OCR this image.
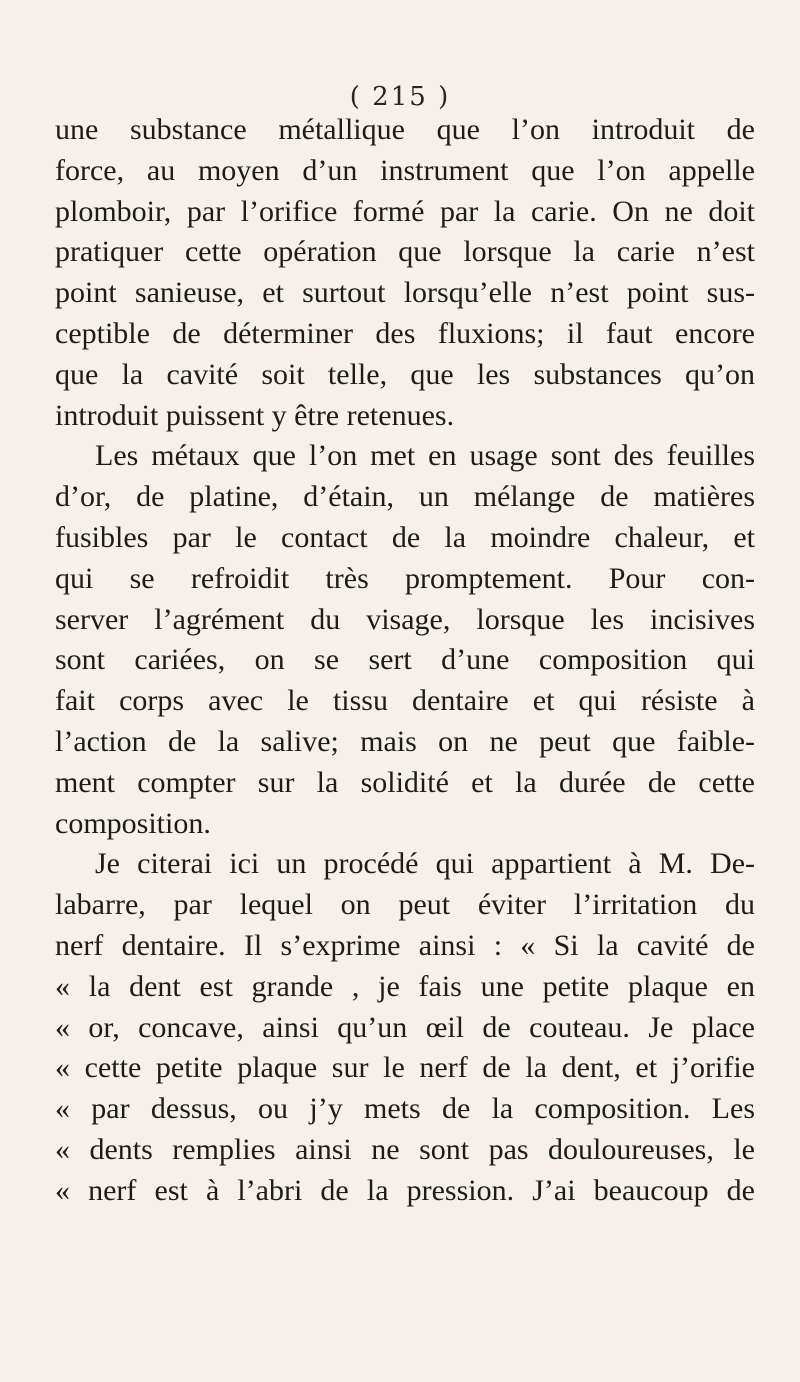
( 215 )
une substance métallique que l’on introduit de
force, au moyen d’un instrument que l’on appelle
plomboir, par l’orifice formé par la carie. On ne doit
pratiquer cette opération que lorsque la carie n’est
point sanieuse, et surtout lorsqu’elle n’est point sus-
ceptible de déterminer des fluxions; il faut encore
que la cavité soit telle, que les substances qu’on
introduit puissent y être retenues.
Les métaux que l’on met en usage sont des feuilles
d’or, de platine, d’étain, un mélange de matières
fusibles par le contact de la moindre chaleur, et
qui se refroidit très promptement. Pour con-
server l’agrément du visage, lorsque les incisives
sont cariées, on se sert d’une composition qui
fait corps avec le tissu dentaire et qui résiste à
l’action de la salive; mais on ne peut que faible-
ment compter sur la solidité et la durée de cette
composition.
Je citerai ici un procédé qui appartient à M. De-
labarre, par lequel on peut éviter l’irritation du
nerf dentaire. Il s’exprime ainsi : « Si la cavité de
« la dent est grande , je fais une petite plaque en
« or, concave, ainsi qu’un œil de couteau. Je place
« cette petite plaque sur le nerf de la dent, et j’orifie
« par dessus, ou j’y mets de la composition. Les
« dents remplies ainsi ne sont pas douloureuses, le
« nerf est à l’abri de la pression. J’ai beaucoup de
